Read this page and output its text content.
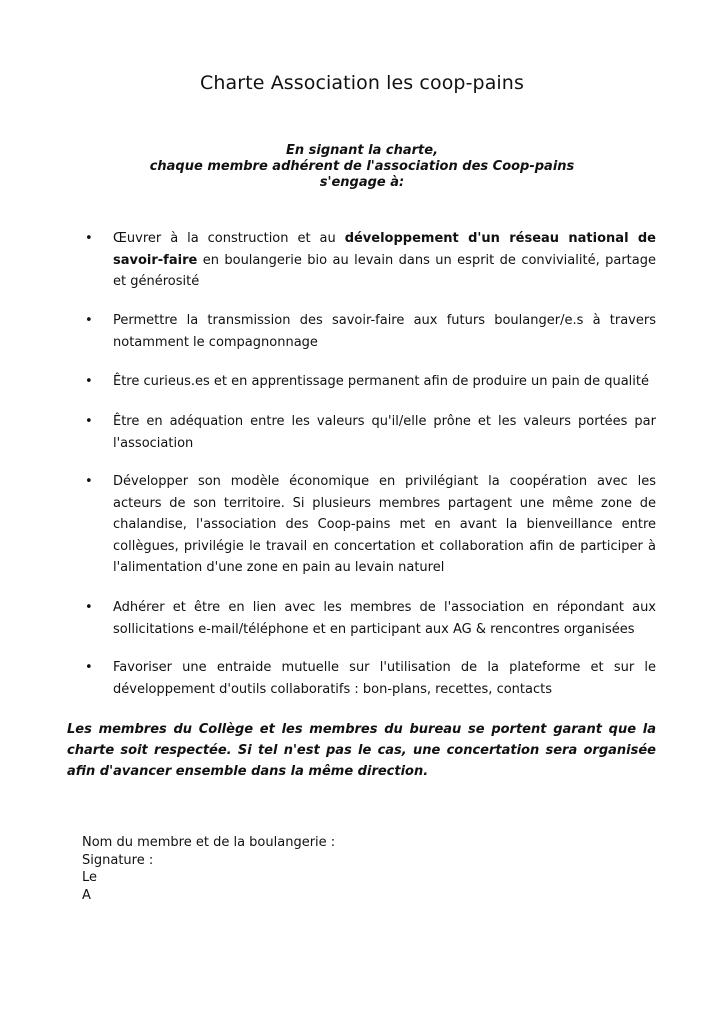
Charte Association les coop-pains
En signant la charte,
chaque membre adhérent de l'association des Coop-pains
s'engage à:
• Œuvrer à la construction et au développement d'un réseau national de savoir-faire en boulangerie bio au levain dans un esprit de convivialité, partage et générosité
• Permettre la transmission des savoir-faire aux futurs boulanger/e.s à travers notamment le compagnonnage
• Être curieus.es et en apprentissage permanent afin de produire un pain de qualité
• Être en adéquation entre les valeurs qu'il/elle prône et les valeurs portées par l'association
• Développer son modèle économique en privilégiant la coopération avec les acteurs de son territoire. Si plusieurs membres partagent une même zone de chalandise, l'association des Coop-pains met en avant la bienveillance entre collègues, privilégie le travail en concertation et collaboration afin de participer à l'alimentation d'une zone en pain au levain naturel
• Adhérer et être en lien avec les membres de l'association en répondant aux sollicitations e-mail/téléphone et en participant aux AG & rencontres organisées
• Favoriser une entraide mutuelle sur l'utilisation de la plateforme et sur le développement d'outils collaboratifs : bon-plans, recettes, contacts
Les membres du Collège et les membres du bureau se portent garant que la charte soit respectée. Si tel n'est pas le cas, une concertation sera organisée afin d'avancer ensemble dans la même direction.
Nom du membre et de la boulangerie :
Signature :
Le
A
